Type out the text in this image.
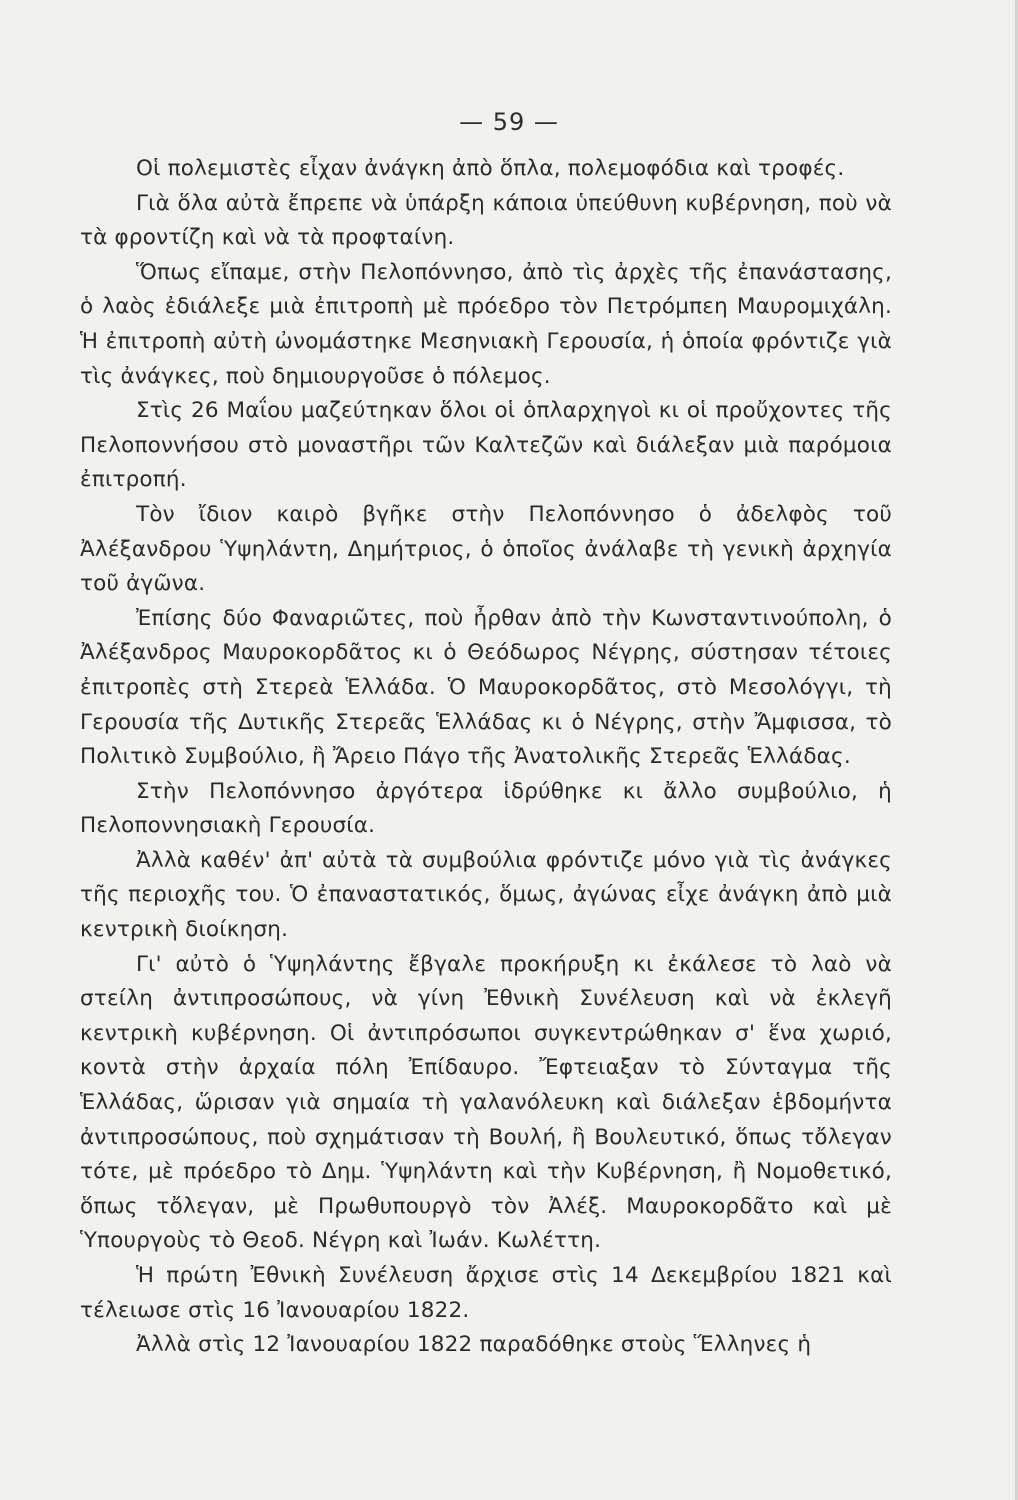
— 59 —

Οἱ πολεμιστὲς εἶχαν ἀνάγκη ἀπὸ ὅπλα, πολεμοφόδια καὶ τροφές.

Γιὰ ὅλα αὐτὰ ἔπρεπε νὰ ὑπάρξη κάποια ὑπεύθυνη κυβέρνηση, ποὺ νὰ τὰ φροντίζη καὶ νὰ τὰ προφταίνη.

Ὅπως εἴπαμε, στὴν Πελοπόννησο, ἀπὸ τὶς ἀρχὲς τῆς ἐπανάστασης, ὁ λαὸς ἐδιάλεξε μιὰ ἐπιτροπὴ μὲ πρόεδρο τὸν Πετρόμπεη Μαυρομιχάλη. Ἡ ἐπιτροπὴ αὐτὴ ὠνομάστηκε Μεσηνιακὴ Γερουσία, ἡ ὁποία φρόντιζε γιὰ τὶς ἀνάγκες, ποὺ δημιουργοῦσε ὁ πόλεμος.

Στὶς 26 Μαΐου μαζεύτηκαν ὅλοι οἱ ὁπλαρχηγοὶ κι οἱ προὔχοντες τῆς Πελοποννήσου στὸ μοναστῆρι τῶν Καλτεζῶν καὶ διάλεξαν μιὰ παρόμοια ἐπιτροπή.

Τὸν ἴδιον καιρὸ βγῆκε στὴν Πελοπόννησο ὁ ἀδελφὸς τοῦ Ἀλέξανδρου Ὑψηλάντη, Δημήτριος, ὁ ὁποῖος ἀνάλαβε τὴ γενικὴ ἀρχηγία τοῦ ἀγῶνα.

Ἐπίσης δύο Φαναριῶτες, ποὺ ἦρθαν ἀπὸ τὴν Κωνσταντινούπολη, ὁ Ἀλέξανδρος Μαυροκορδᾶτος κι ὁ Θεόδωρος Νέγρης, σύστησαν τέτοιες ἐπιτροπὲς στὴ Στερεὰ Ἑλλάδα. Ὁ Μαυροκορδᾶτος, στὸ Μεσολόγγι, τὴ Γερουσία τῆς Δυτικῆς Στερεᾶς Ἑλλάδας κι ὁ Νέγρης, στὴν Ἄμφισσα, τὸ Πολιτικὸ Συμβούλιο, ἢ Ἄρειο Πάγο τῆς Ἀνατολικῆς Στερεᾶς Ἑλλάδας.

Στὴν Πελοπόννησο ἀργότερα ἱδρύθηκε κι ἄλλο συμβούλιο, ἡ Πελοποννησιακὴ Γερουσία.

Ἀλλὰ καθέν' ἀπ' αὐτὰ τὰ συμβούλια φρόντιζε μόνο γιὰ τὶς ἀνάγκες τῆς περιοχῆς του. Ὁ ἐπαναστατικός, ὅμως, ἀγώνας εἶχε ἀνάγκη ἀπὸ μιὰ κεντρικὴ διοίκηση.

Γι' αὐτὸ ὁ Ὑψηλάντης ἔβγαλε προκήρυξη κι ἐκάλεσε τὸ λαὸ νὰ στείλη ἀντιπροσώπους, νὰ γίνη Ἐθνικὴ Συνέλευση καὶ νὰ ἐκλεγῆ κεντρικὴ κυβέρνηση. Οἱ ἀντιπρόσωποι συγκεντρώθηκαν σ' ἕνα χωριό, κοντὰ στὴν ἀρχαία πόλη Ἐπίδαυρο. Ἔφτειαξαν τὸ Σύνταγμα τῆς Ἑλλάδας, ὥρισαν γιὰ σημαία τὴ γαλανόλευκη καὶ διάλεξαν ἑβδομήντα ἀντιπροσώπους, ποὺ σχημάτισαν τὴ Βουλή, ἢ Βουλευτικό, ὅπως τὄλεγαν τότε, μὲ πρόεδρο τὸ Δημ. Ὑψηλάντη καὶ τὴν Κυβέρνηση, ἢ Νομοθετικό, ὅπως τὄλεγαν, μὲ Πρωθυπουργὸ τὸν Ἀλέξ. Μαυροκορδᾶτο καὶ μὲ Ὑπουργοὺς τὸ Θεοδ. Νέγρη καὶ Ἰωάν. Κωλέττη.

Ἡ πρώτη Ἐθνικὴ Συνέλευση ἄρχισε στὶς 14 Δεκεμβρίου 1821 καὶ τέλειωσε στὶς 16 Ἰανουαρίου 1822.

Ἀλλὰ στὶς 12 Ἰανουαρίου 1822 παραδόθηκε στοὺς Ἕλληνες ἡ
